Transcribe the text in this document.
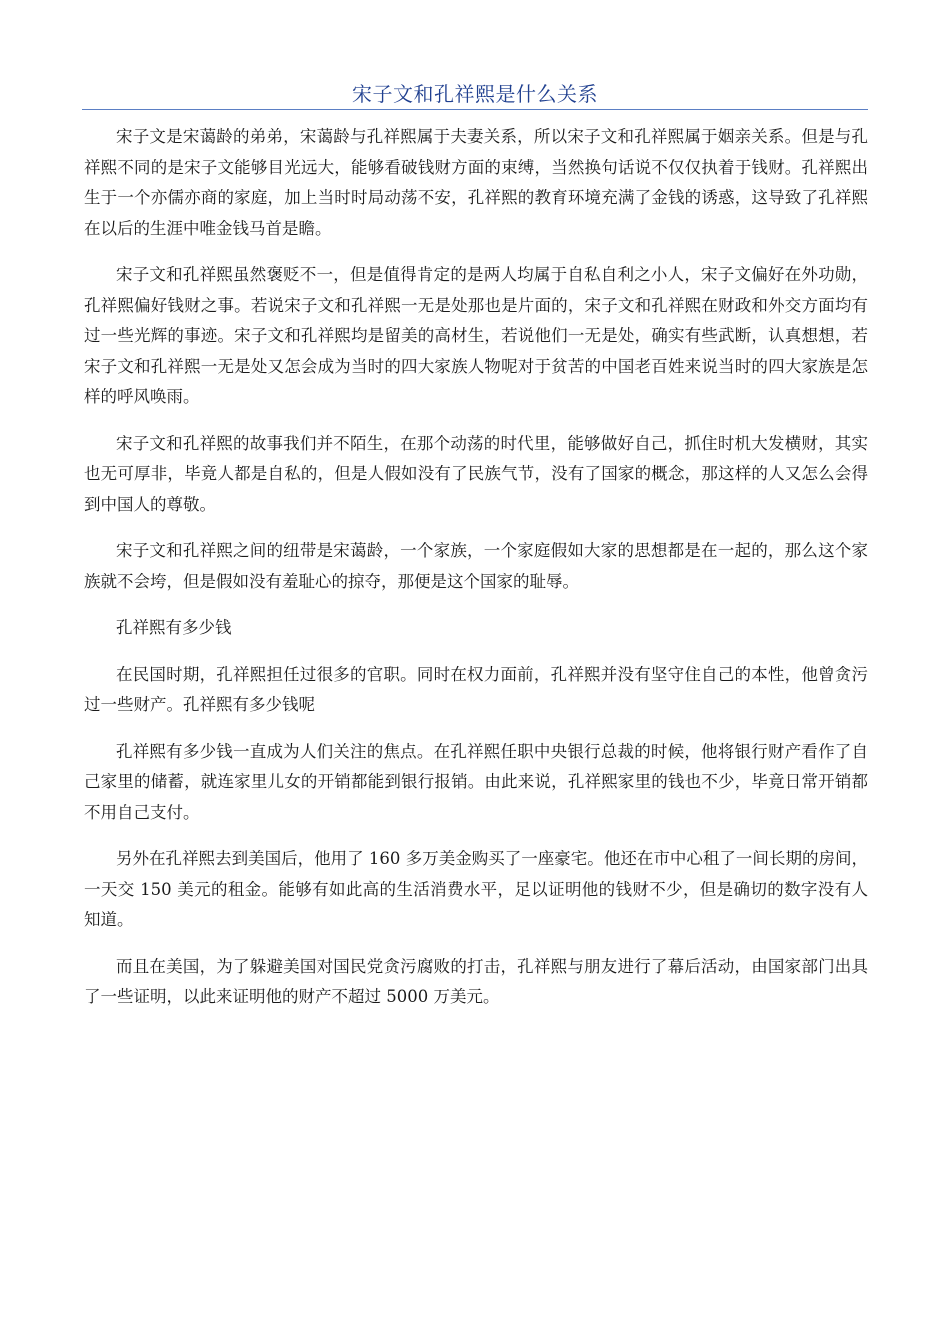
宋子文和孔祥熙是什么关系

宋子文是宋蔼龄的弟弟，宋蔼龄与孔祥熙属于夫妻关系，所以宋子文和孔祥熙属于姻亲关系。但是与孔祥熙不同的是宋子文能够目光远大，能够看破钱财方面的束缚，当然换句话说不仅仅执着于钱财。孔祥熙出生于一个亦儒亦商的家庭，加上当时时局动荡不安，孔祥熙的教育环境充满了金钱的诱惑，这导致了孔祥熙在以后的生涯中唯金钱马首是瞻。

宋子文和孔祥熙虽然褒贬不一，但是值得肯定的是两人均属于自私自利之小人，宋子文偏好在外功勋，孔祥熙偏好钱财之事。若说宋子文和孔祥熙一无是处那也是片面的，宋子文和孔祥熙在财政和外交方面均有过一些光辉的事迹。宋子文和孔祥熙均是留美的高材生，若说他们一无是处，确实有些武断，认真想想，若宋子文和孔祥熙一无是处又怎会成为当时的四大家族人物呢对于贫苦的中国老百姓来说当时的四大家族是怎样的呼风唤雨。

宋子文和孔祥熙的故事我们并不陌生，在那个动荡的时代里，能够做好自己，抓住时机大发横财，其实也无可厚非，毕竟人都是自私的，但是人假如没有了民族气节，没有了国家的概念，那这样的人又怎么会得到中国人的尊敬。

宋子文和孔祥熙之间的纽带是宋蔼龄，一个家族，一个家庭假如大家的思想都是在一起的，那么这个家族就不会垮，但是假如没有羞耻心的掠夺，那便是这个国家的耻辱。

孔祥熙有多少钱

在民国时期，孔祥熙担任过很多的官职。同时在权力面前，孔祥熙并没有坚守住自己的本性，他曾贪污过一些财产。孔祥熙有多少钱呢

孔祥熙有多少钱一直成为人们关注的焦点。在孔祥熙任职中央银行总裁的时候，他将银行财产看作了自己家里的储蓄，就连家里儿女的开销都能到银行报销。由此来说，孔祥熙家里的钱也不少，毕竟日常开销都不用自己支付。

另外在孔祥熙去到美国后，他用了 160 多万美金购买了一座豪宅。他还在市中心租了一间长期的房间，一天交 150 美元的租金。能够有如此高的生活消费水平，足以证明他的钱财不少，但是确切的数字没有人知道。

而且在美国，为了躲避美国对国民党贪污腐败的打击，孔祥熙与朋友进行了幕后活动，由国家部门出具了一些证明，以此来证明他的财产不超过 5000 万美元。
